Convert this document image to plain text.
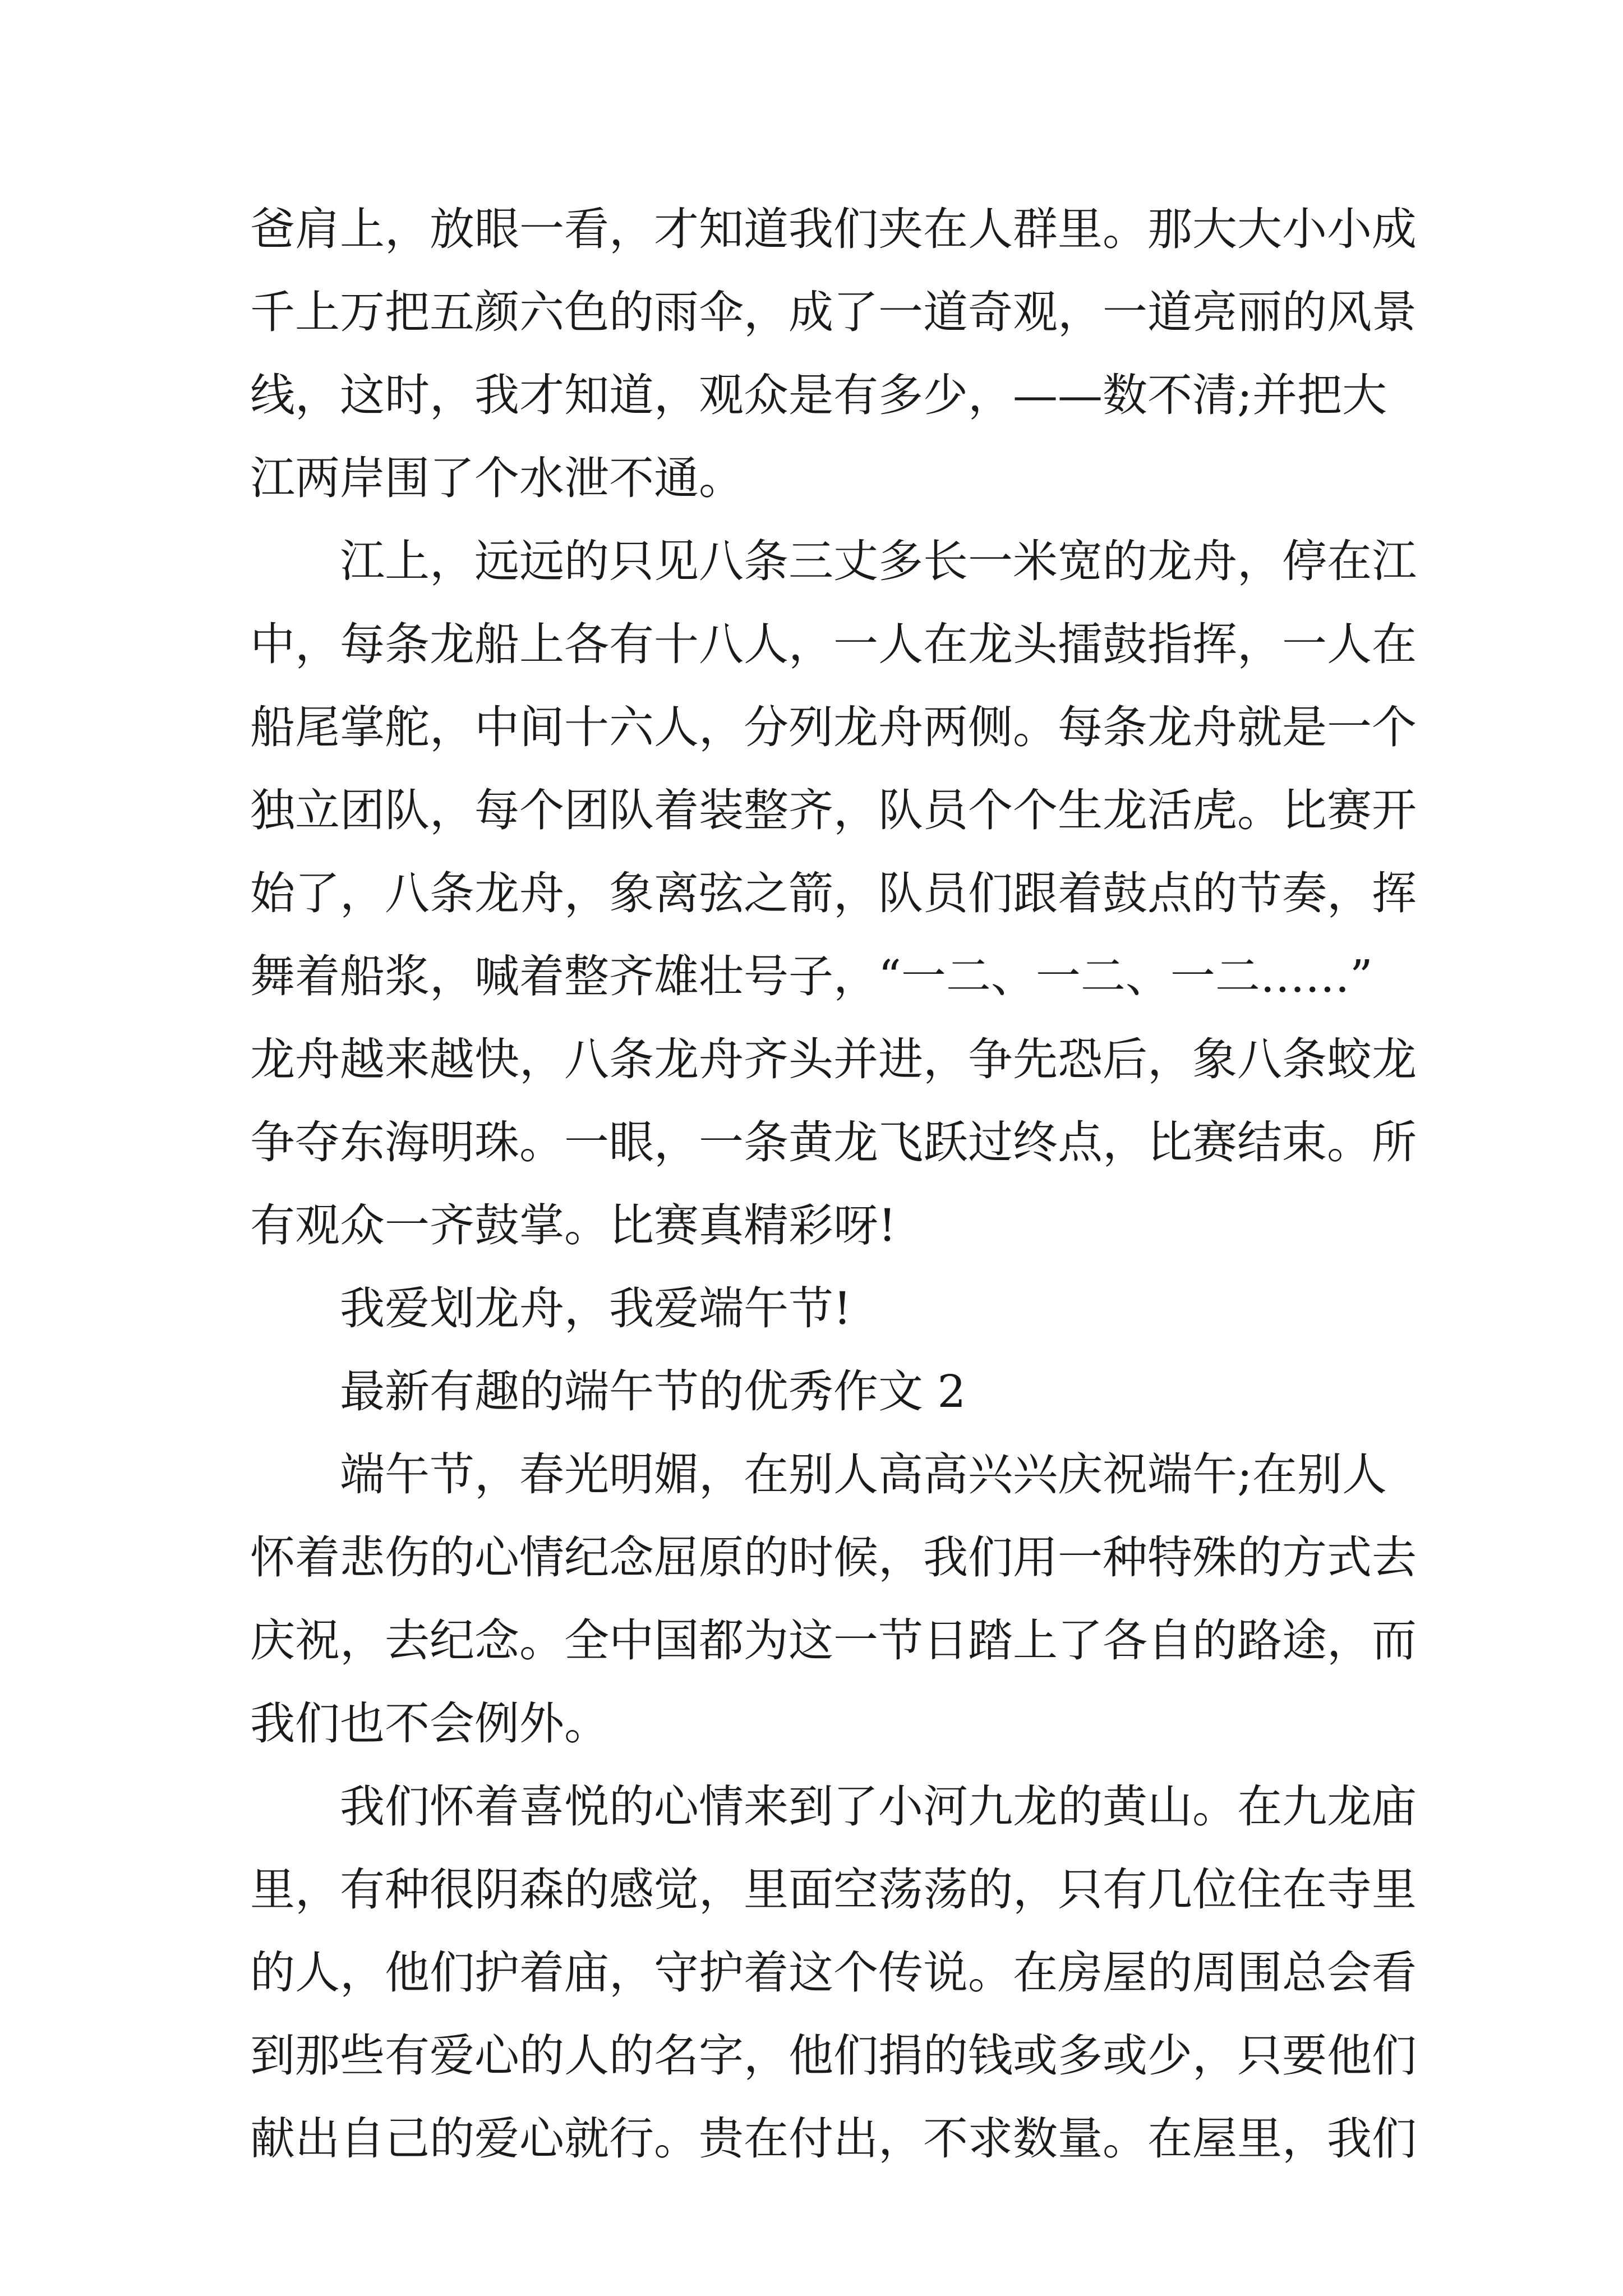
爸肩上，放眼一看，才知道我们夹在人群里。那大大小小成
千上万把五颜六色的雨伞，成了一道奇观，一道亮丽的风景
线，这时，我才知道，观众是有多少，——数不清;并把大
江两岸围了个水泄不通。
江上，远远的只见八条三丈多长一米宽的龙舟，停在江
中，每条龙船上各有十八人，一人在龙头擂鼓指挥，一人在
船尾掌舵，中间十六人，分列龙舟两侧。每条龙舟就是一个
独立团队，每个团队着装整齐，队员个个生龙活虎。比赛开
始了，八条龙舟，象离弦之箭，队员们跟着鼓点的节奏，挥
舞着船浆，喊着整齐雄壮号子，“一二、一二、一二……”
龙舟越来越快，八条龙舟齐头并进，争先恐后，象八条蛟龙
争夺东海明珠。一眼，一条黄龙飞跃过终点，比赛结束。所
有观众一齐鼓掌。比赛真精彩呀!
我爱划龙舟，我爱端午节!
最新有趣的端午节的优秀作文 2
端午节，春光明媚，在别人高高兴兴庆祝端午;在别人
怀着悲伤的心情纪念屈原的时候，我们用一种特殊的方式去
庆祝，去纪念。全中国都为这一节日踏上了各自的路途，而
我们也不会例外。
我们怀着喜悦的心情来到了小河九龙的黄山。在九龙庙
里，有种很阴森的感觉，里面空荡荡的，只有几位住在寺里
的人，他们护着庙，守护着这个传说。在房屋的周围总会看
到那些有爱心的人的名字，他们捐的钱或多或少，只要他们
献出自己的爱心就行。贵在付出，不求数量。在屋里，我们
